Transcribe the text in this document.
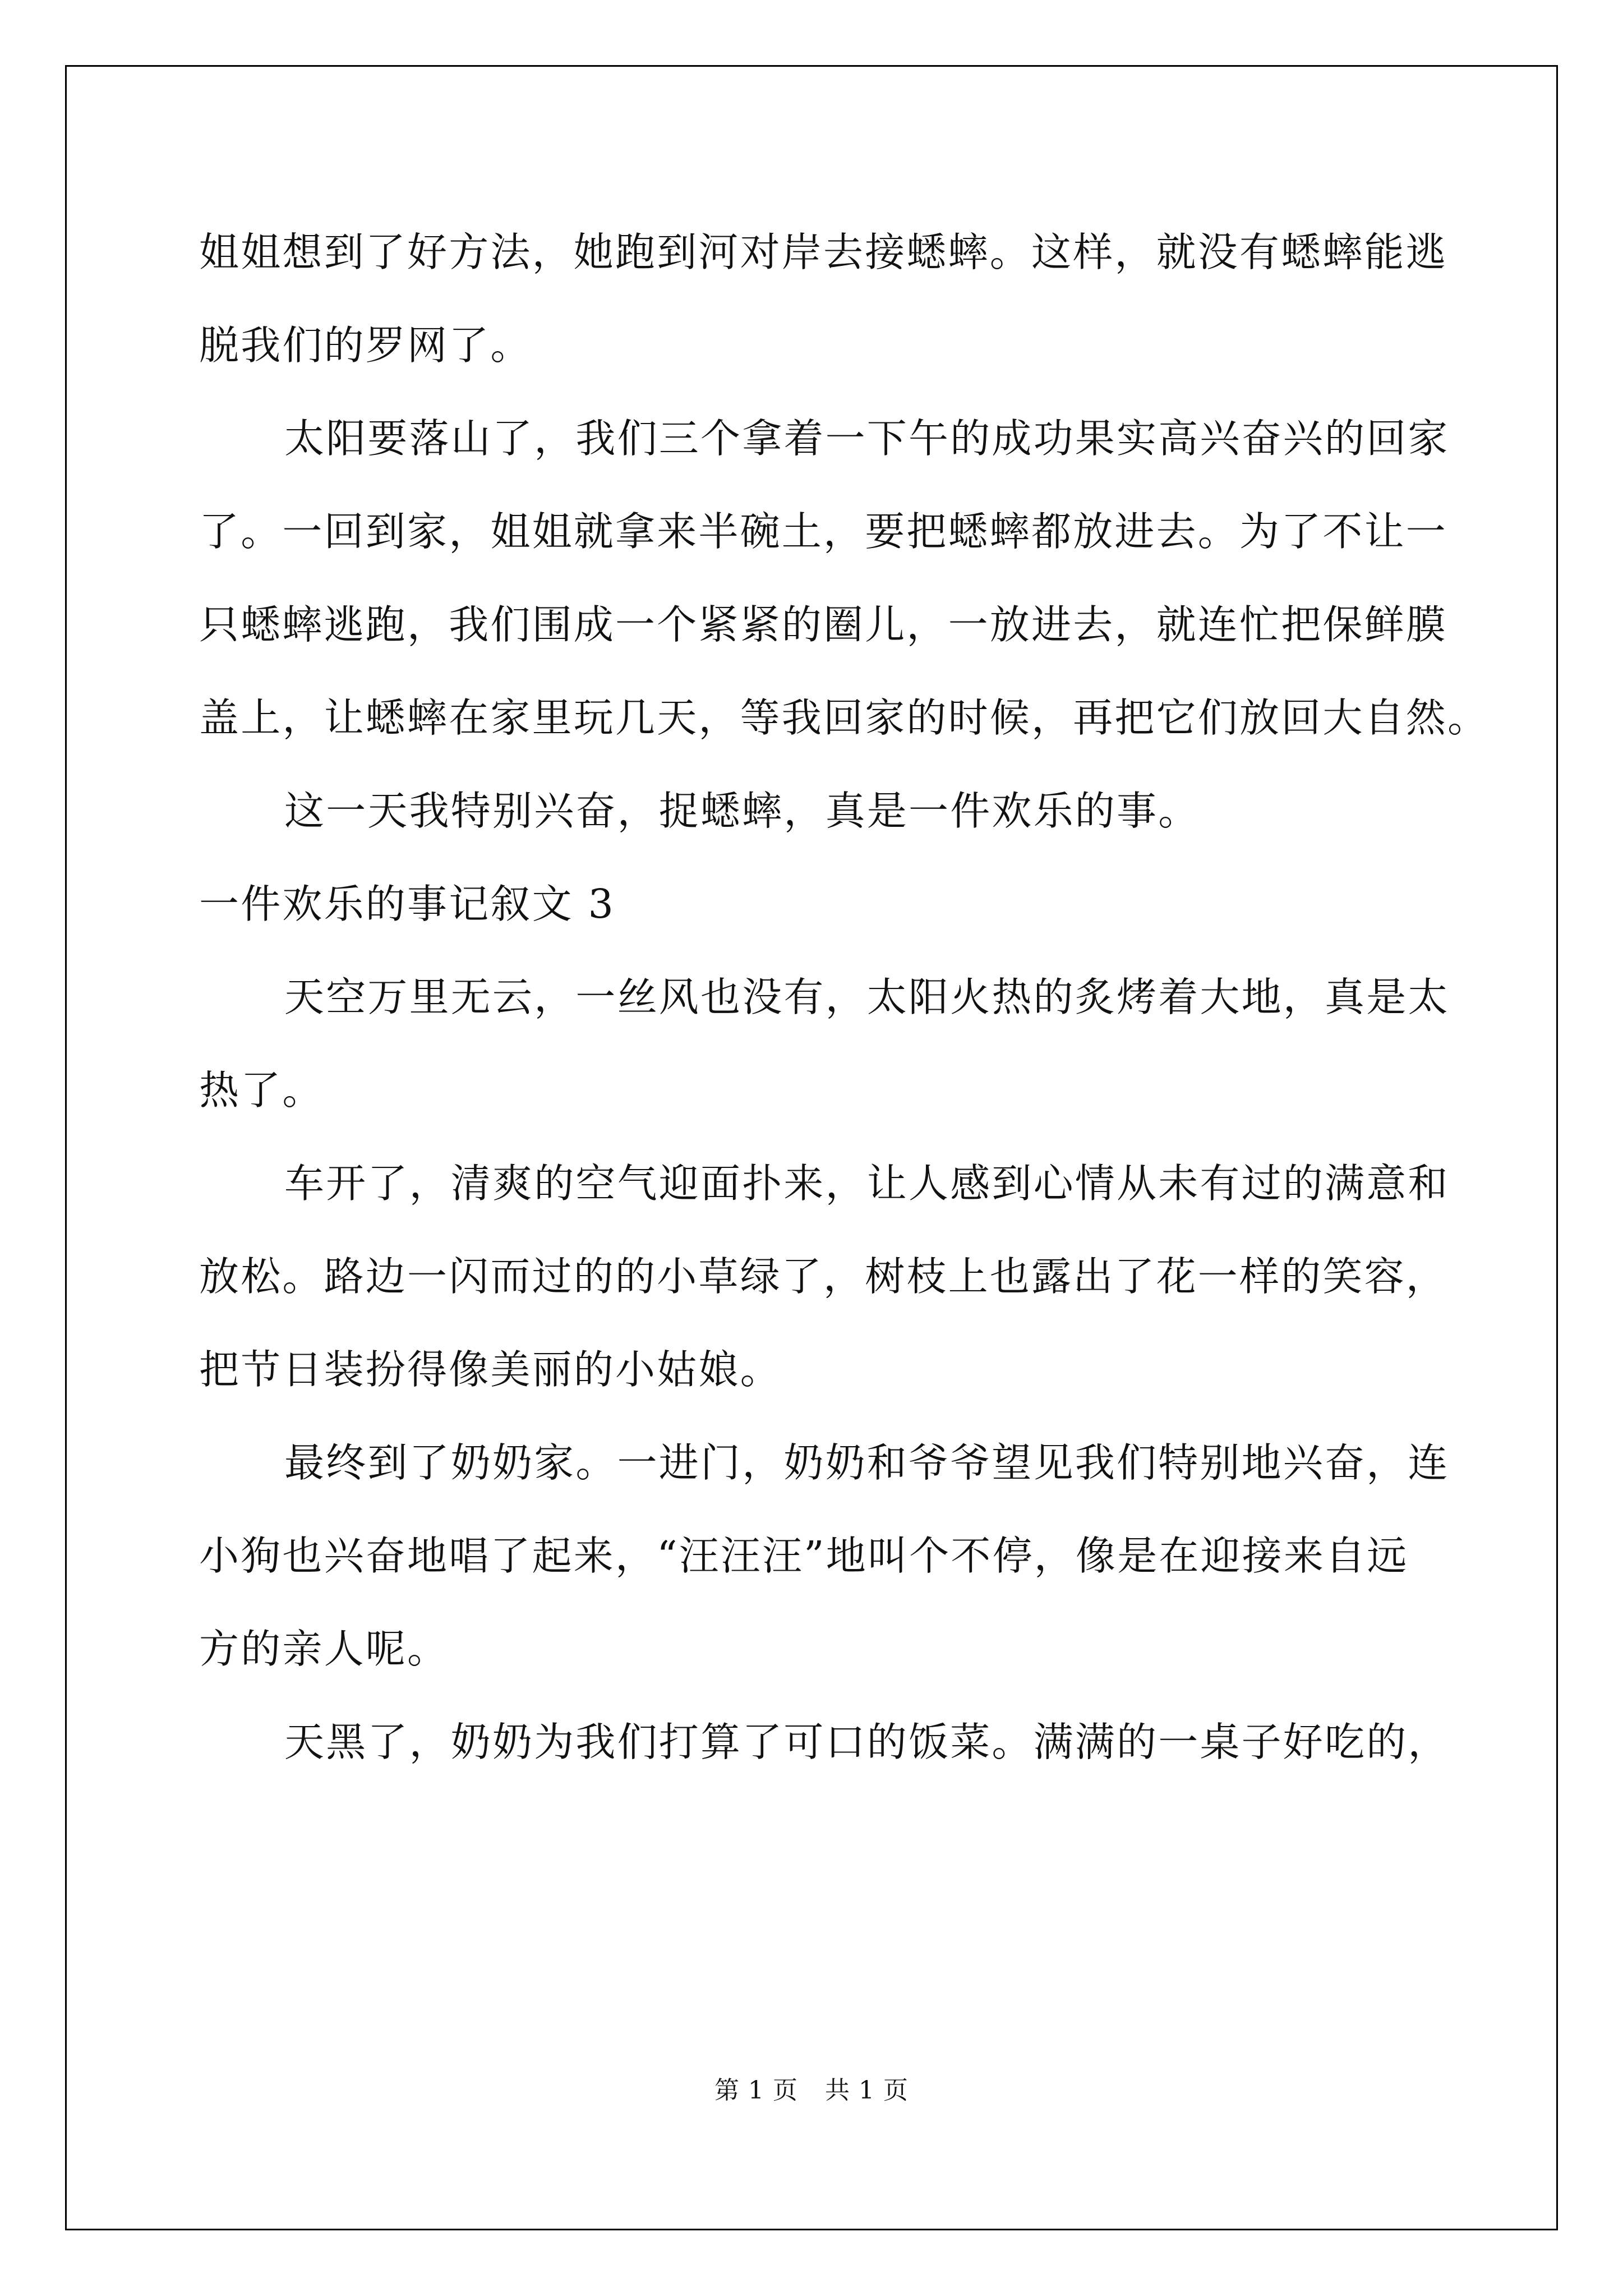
姐姐想到了好方法，她跑到河对岸去接蟋蟀。这样，就没有蟋蟀能逃
脱我们的罗网了。
太阳要落山了，我们三个拿着一下午的成功果实高兴奋兴的回家
了。一回到家，姐姐就拿来半碗土，要把蟋蟀都放进去。为了不让一
只蟋蟀逃跑，我们围成一个紧紧的圈儿，一放进去，就连忙把保鲜膜
盖上，让蟋蟀在家里玩几天，等我回家的时候，再把它们放回大自然。
这一天我特别兴奋，捉蟋蟀，真是一件欢乐的事。
一件欢乐的事记叙文 3
天空万里无云，一丝风也没有，太阳火热的炙烤着大地，真是太
热了。
车开了，清爽的空气迎面扑来，让人感到心情从未有过的满意和
放松。路边一闪而过的的小草绿了，树枝上也露出了花一样的笑容，
把节日装扮得像美丽的小姑娘。
最终到了奶奶家。一进门，奶奶和爷爷望见我们特别地兴奋，连
小狗也兴奋地唱了起来，“汪汪汪”地叫个不停，像是在迎接来自远
方的亲人呢。
天黑了，奶奶为我们打算了可口的饭菜。满满的一桌子好吃的，
第 1 页 共 1 页
